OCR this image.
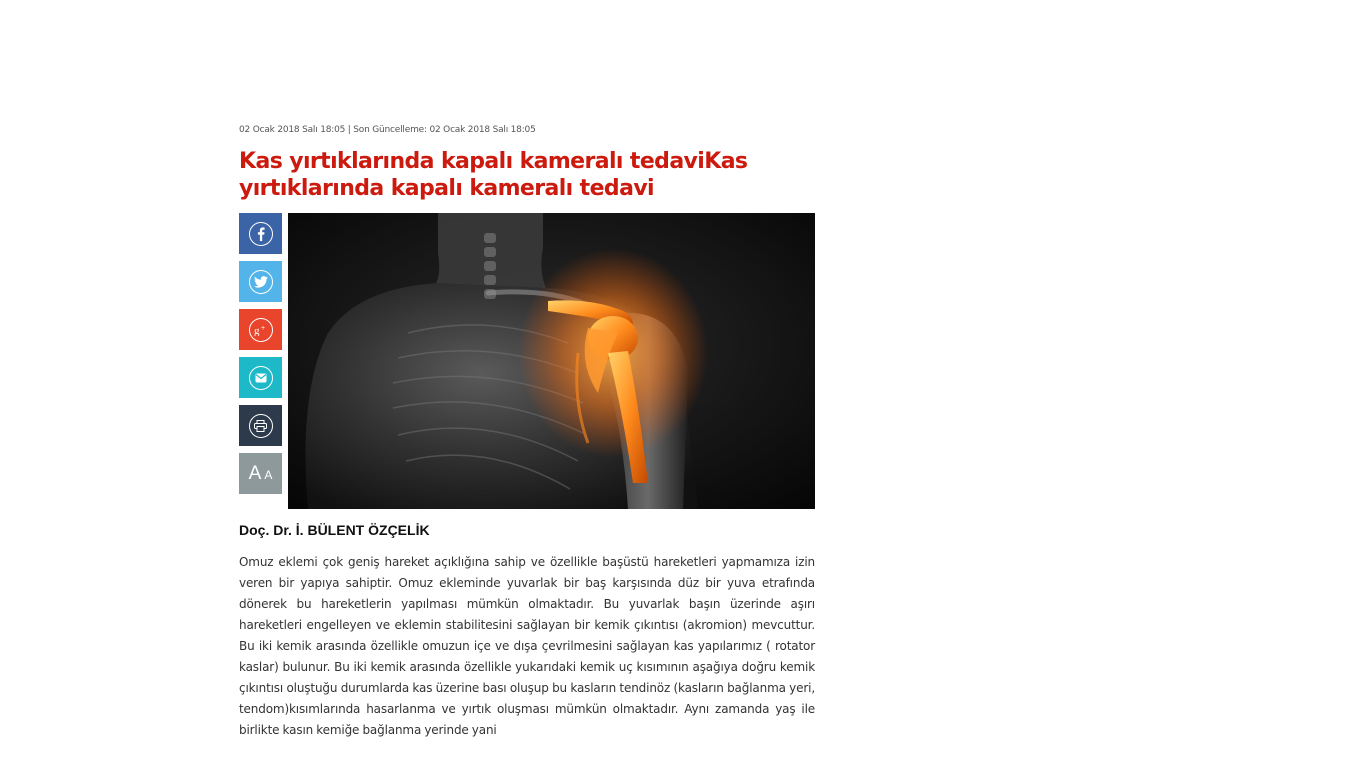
02 Ocak 2018 Salı 18:05 | Son Güncelleme: 02 Ocak 2018 Salı 18:05
Kas yırtıklarında kapalı kameralı tedaviKas yırtıklarında kapalı kameralı tedavi
g +
A A
Doç. Dr. İ. BÜLENT ÖZÇELİK
Omuz eklemi çok geniş hareket açıklığına sahip ve özellikle başüstü hareketleri yapmamıza izin veren bir yapıya sahiptir. Omuz ekleminde yuvarlak bir baş karşısında düz bir yuva etrafında dönerek bu hareketlerin yapılması mümkün olmaktadır. Bu yuvarlak başın üzerinde aşırı hareketleri engelleyen ve eklemin stabilitesini sağlayan bir kemik çıkıntısı (akromion) mevcuttur. Bu iki kemik arasında özellikle omuzun içe ve dışa çevrilmesini sağlayan kas yapılarımız ( rotator kaslar) bulunur. Bu iki kemik arasında özellikle yukarıdaki kemik uç kısımının aşağıya doğru kemik çıkıntısı oluştuğu durumlarda kas üzerine bası oluşup bu kasların tendinöz (kasların bağlanma yeri, tendom)kısımlarında hasarlanma ve yırtık oluşması mümkün olmaktadır. Aynı zamanda yaş ile birlikte kasın kemiğe bağlanma yerinde yani
